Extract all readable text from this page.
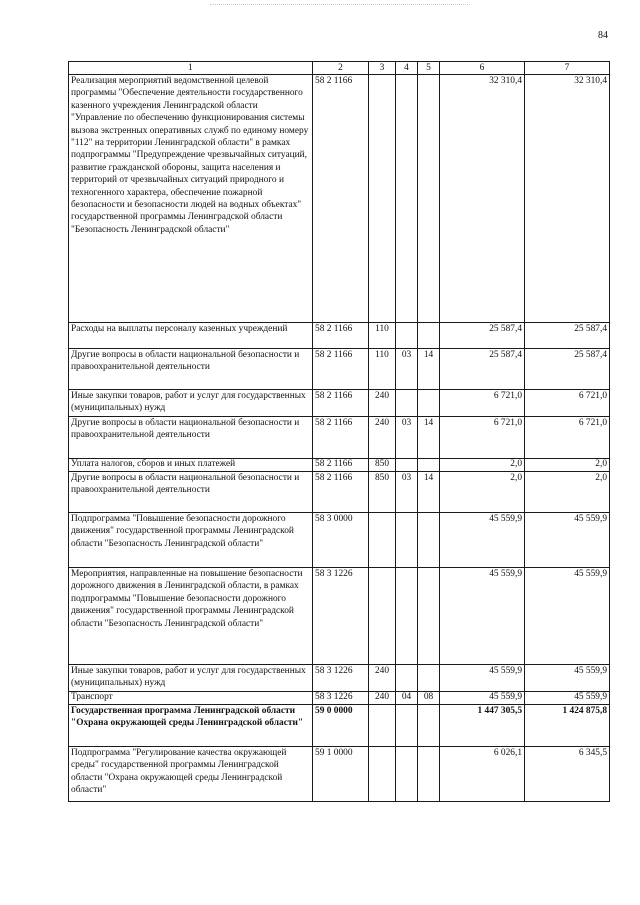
84
1	2	3	4	5	6	7
Реализация мероприятий ведомственной целевой программы "Обеспечение деятельности государственного казенного учреждения Ленинградской области "Управление по обеспечению функционирования системы вызова экстренных оперативных служб по единому номеру "112" на территории Ленинградской области" в рамках подпрограммы "Предупреждение чрезвычайных ситуаций, развитие гражданской обороны, защита населения и территорий от чрезвычайных ситуаций природного и техногенного характера, обеспечение пожарной безопасности и безопасности людей на водных объектах" государственной программы Ленинградской области "Безопасность Ленинградской области"	58 2 1166				32 310,4	32 310,4
Расходы на выплаты персоналу казенных учреждений	58 2 1166	110			25 587,4	25 587,4
Другие вопросы в области национальной безопасности и правоохранительной деятельности	58 2 1166	110	03	14	25 587,4	25 587,4
Иные закупки товаров, работ и услуг для государственных (муниципальных) нужд	58 2 1166	240			6 721,0	6 721,0
Другие вопросы в области национальной безопасности и правоохранительной деятельности	58 2 1166	240	03	14	6 721,0	6 721,0
Уплата налогов, сборов и иных платежей	58 2 1166	850			2,0	2,0
Другие вопросы в области национальной безопасности и правоохранительной деятельности	58 2 1166	850	03	14	2,0	2,0
Подпрограмма "Повышение безопасности дорожного движения" государственной программы Ленинградской области "Безопасность Ленинградской области"	58 3 0000				45 559,9	45 559,9
Мероприятия, направленные на повышение безопасности дорожного движения в Ленинградской области, в рамках подпрограммы "Повышение безопасности дорожного движения" государственной программы Ленинградской области "Безопасность Ленинградской области"	58 3 1226				45 559,9	45 559,9
Иные закупки товаров, работ и услуг для государственных (муниципальных) нужд	58 3 1226	240			45 559,9	45 559,9
Транспорт	58 3 1226	240	04	08	45 559,9	45 559,9
Государственная программа Ленинградской области "Охрана окружающей среды Ленинградской области"	59 0 0000				1 447 305,5	1 424 875,8
Подпрограмма "Регулирование качества окружающей среды" государственной программы Ленинградской области "Охрана окружающей среды Ленинградской области"	59 1 0000				6 026,1	6 345,5
